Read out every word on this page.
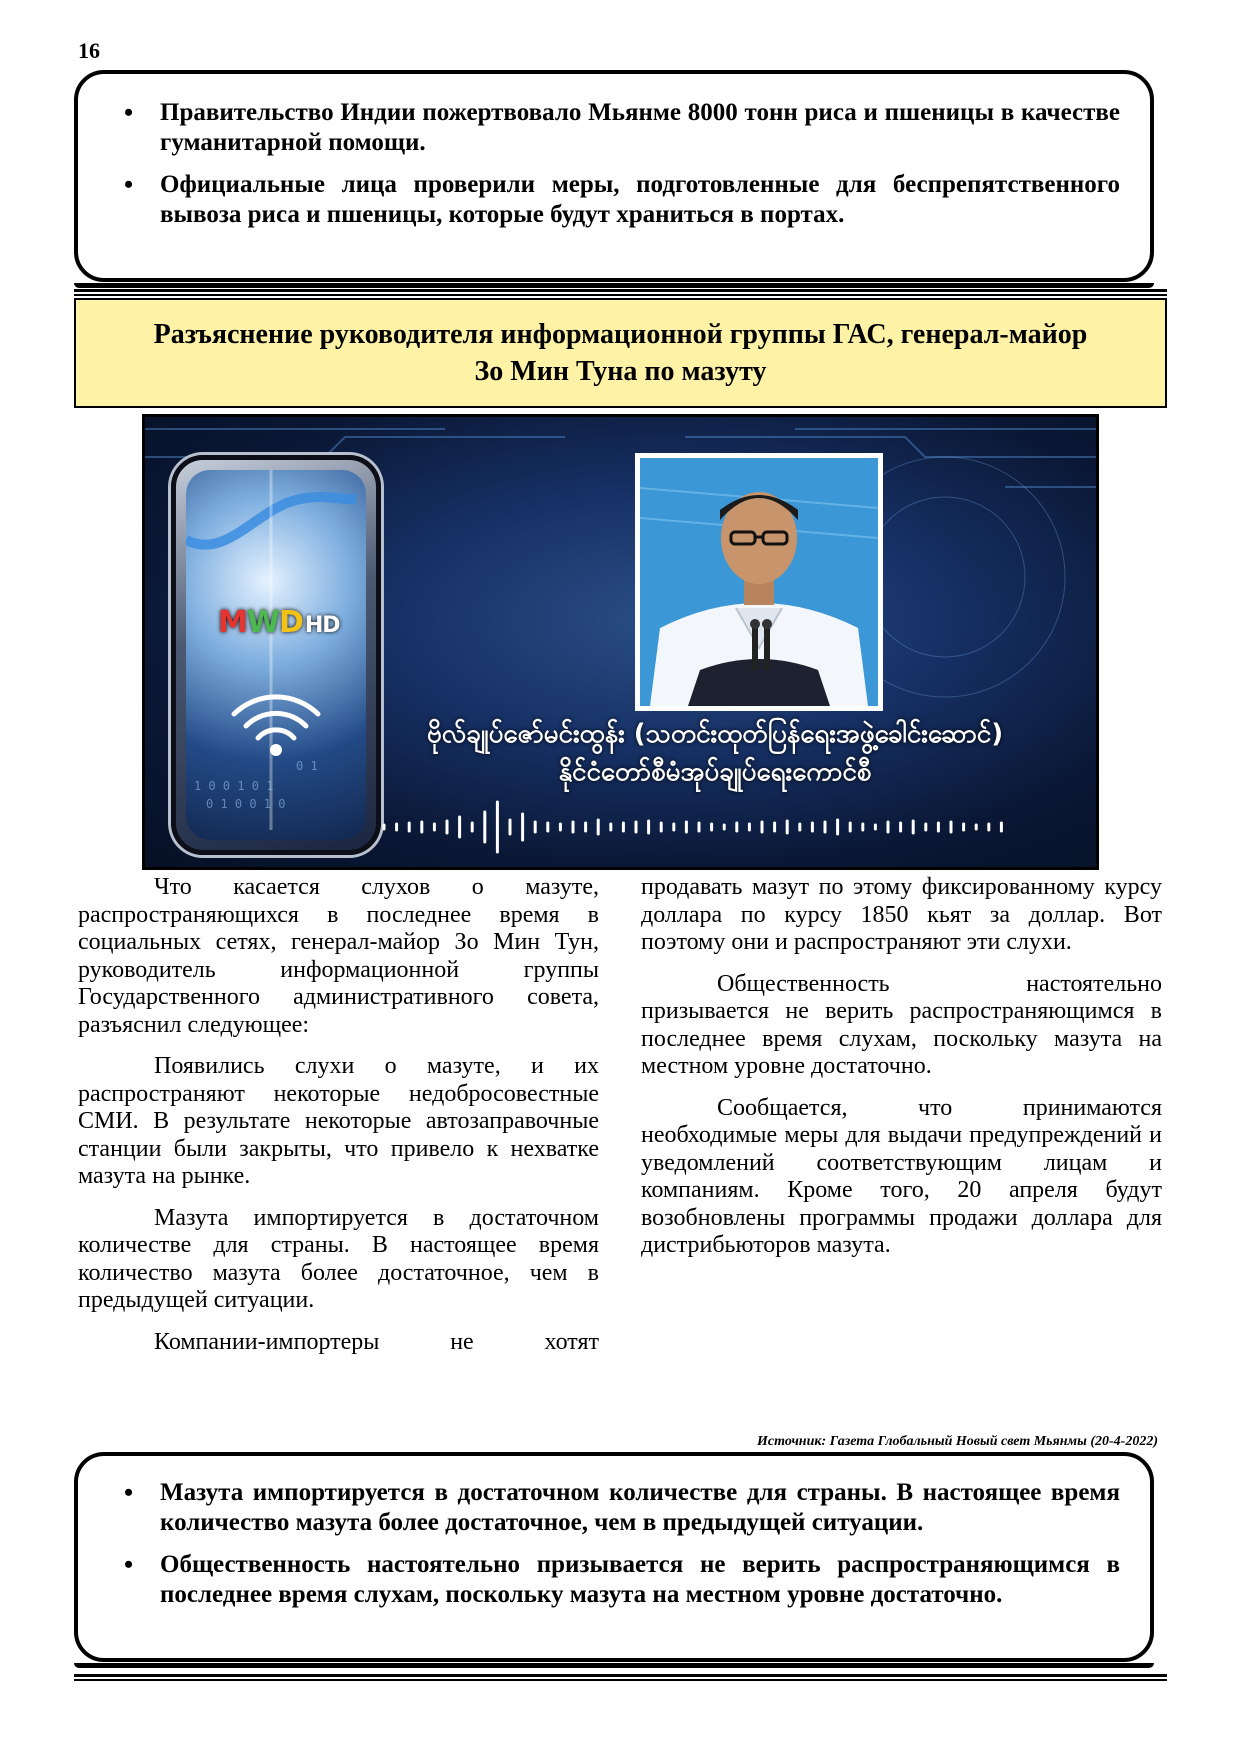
16
• Правительство Индии пожертвовало Мьянме 8000 тонн риса и пшеницы в качестве гуманитарной помощи.
• Официальные лица проверили меры, подготовленные для беспрепятственного вывоза риса и пшеницы, которые будут храниться в портах.
Разъяснение руководителя информационной группы ГАС, генерал-майор
Зо Мин Туна по мазуту
1 0 0 1 0 1
0 1 0 0 1 0
0 1
MWDHD
ဗိုလ်ချုပ်ဇော်မင်းထွန်း (သတင်းထုတ်ပြန်ရေးအဖွဲ့ခေါင်းဆောင်)
နိုင်ငံတော်စီမံအုပ်ချုပ်ရေးကောင်စီ

Что касается слухов о мазуте, распространяющихся в последнее время в социальных сетях, генерал-майор Зо Мин Тун, руководитель информационной группы Государственного административного совета, разъяснил следующее:

Появились слухи о мазуте, и их распространяют некоторые недобросовестные СМИ. В результате некоторые автозаправочные станции были закрыты, что привело к нехватке мазута на рынке.

Мазута импортируется в достаточном количестве для страны. В настоящее время количество мазута более достаточное, чем в предыдущей ситуации.

Компании-импортеры не хотят

продавать мазут по этому фиксированному курсу доллара по курсу 1850 кьят за доллар. Вот поэтому они и распространяют эти слухи.

Общественность настоятельно призывается не верить распространяющимся в последнее время слухам, поскольку мазута на местном уровне достаточно.

Сообщается, что принимаются необходимые меры для выдачи предупреждений и уведомлений соответствующим лицам и компаниям. Кроме того, 20 апреля будут возобновлены программы продажи доллара для дистрибьюторов мазута.

Источник: Газета Глобальный Новый свет Мьянмы (20-4-2022)
• Мазута импортируется в достаточном количестве для страны. В настоящее время количество мазута более достаточное, чем в предыдущей ситуации.
• Общественность настоятельно призывается не верить распространяющимся в последнее время слухам, поскольку мазута на местном уровне достаточно.
